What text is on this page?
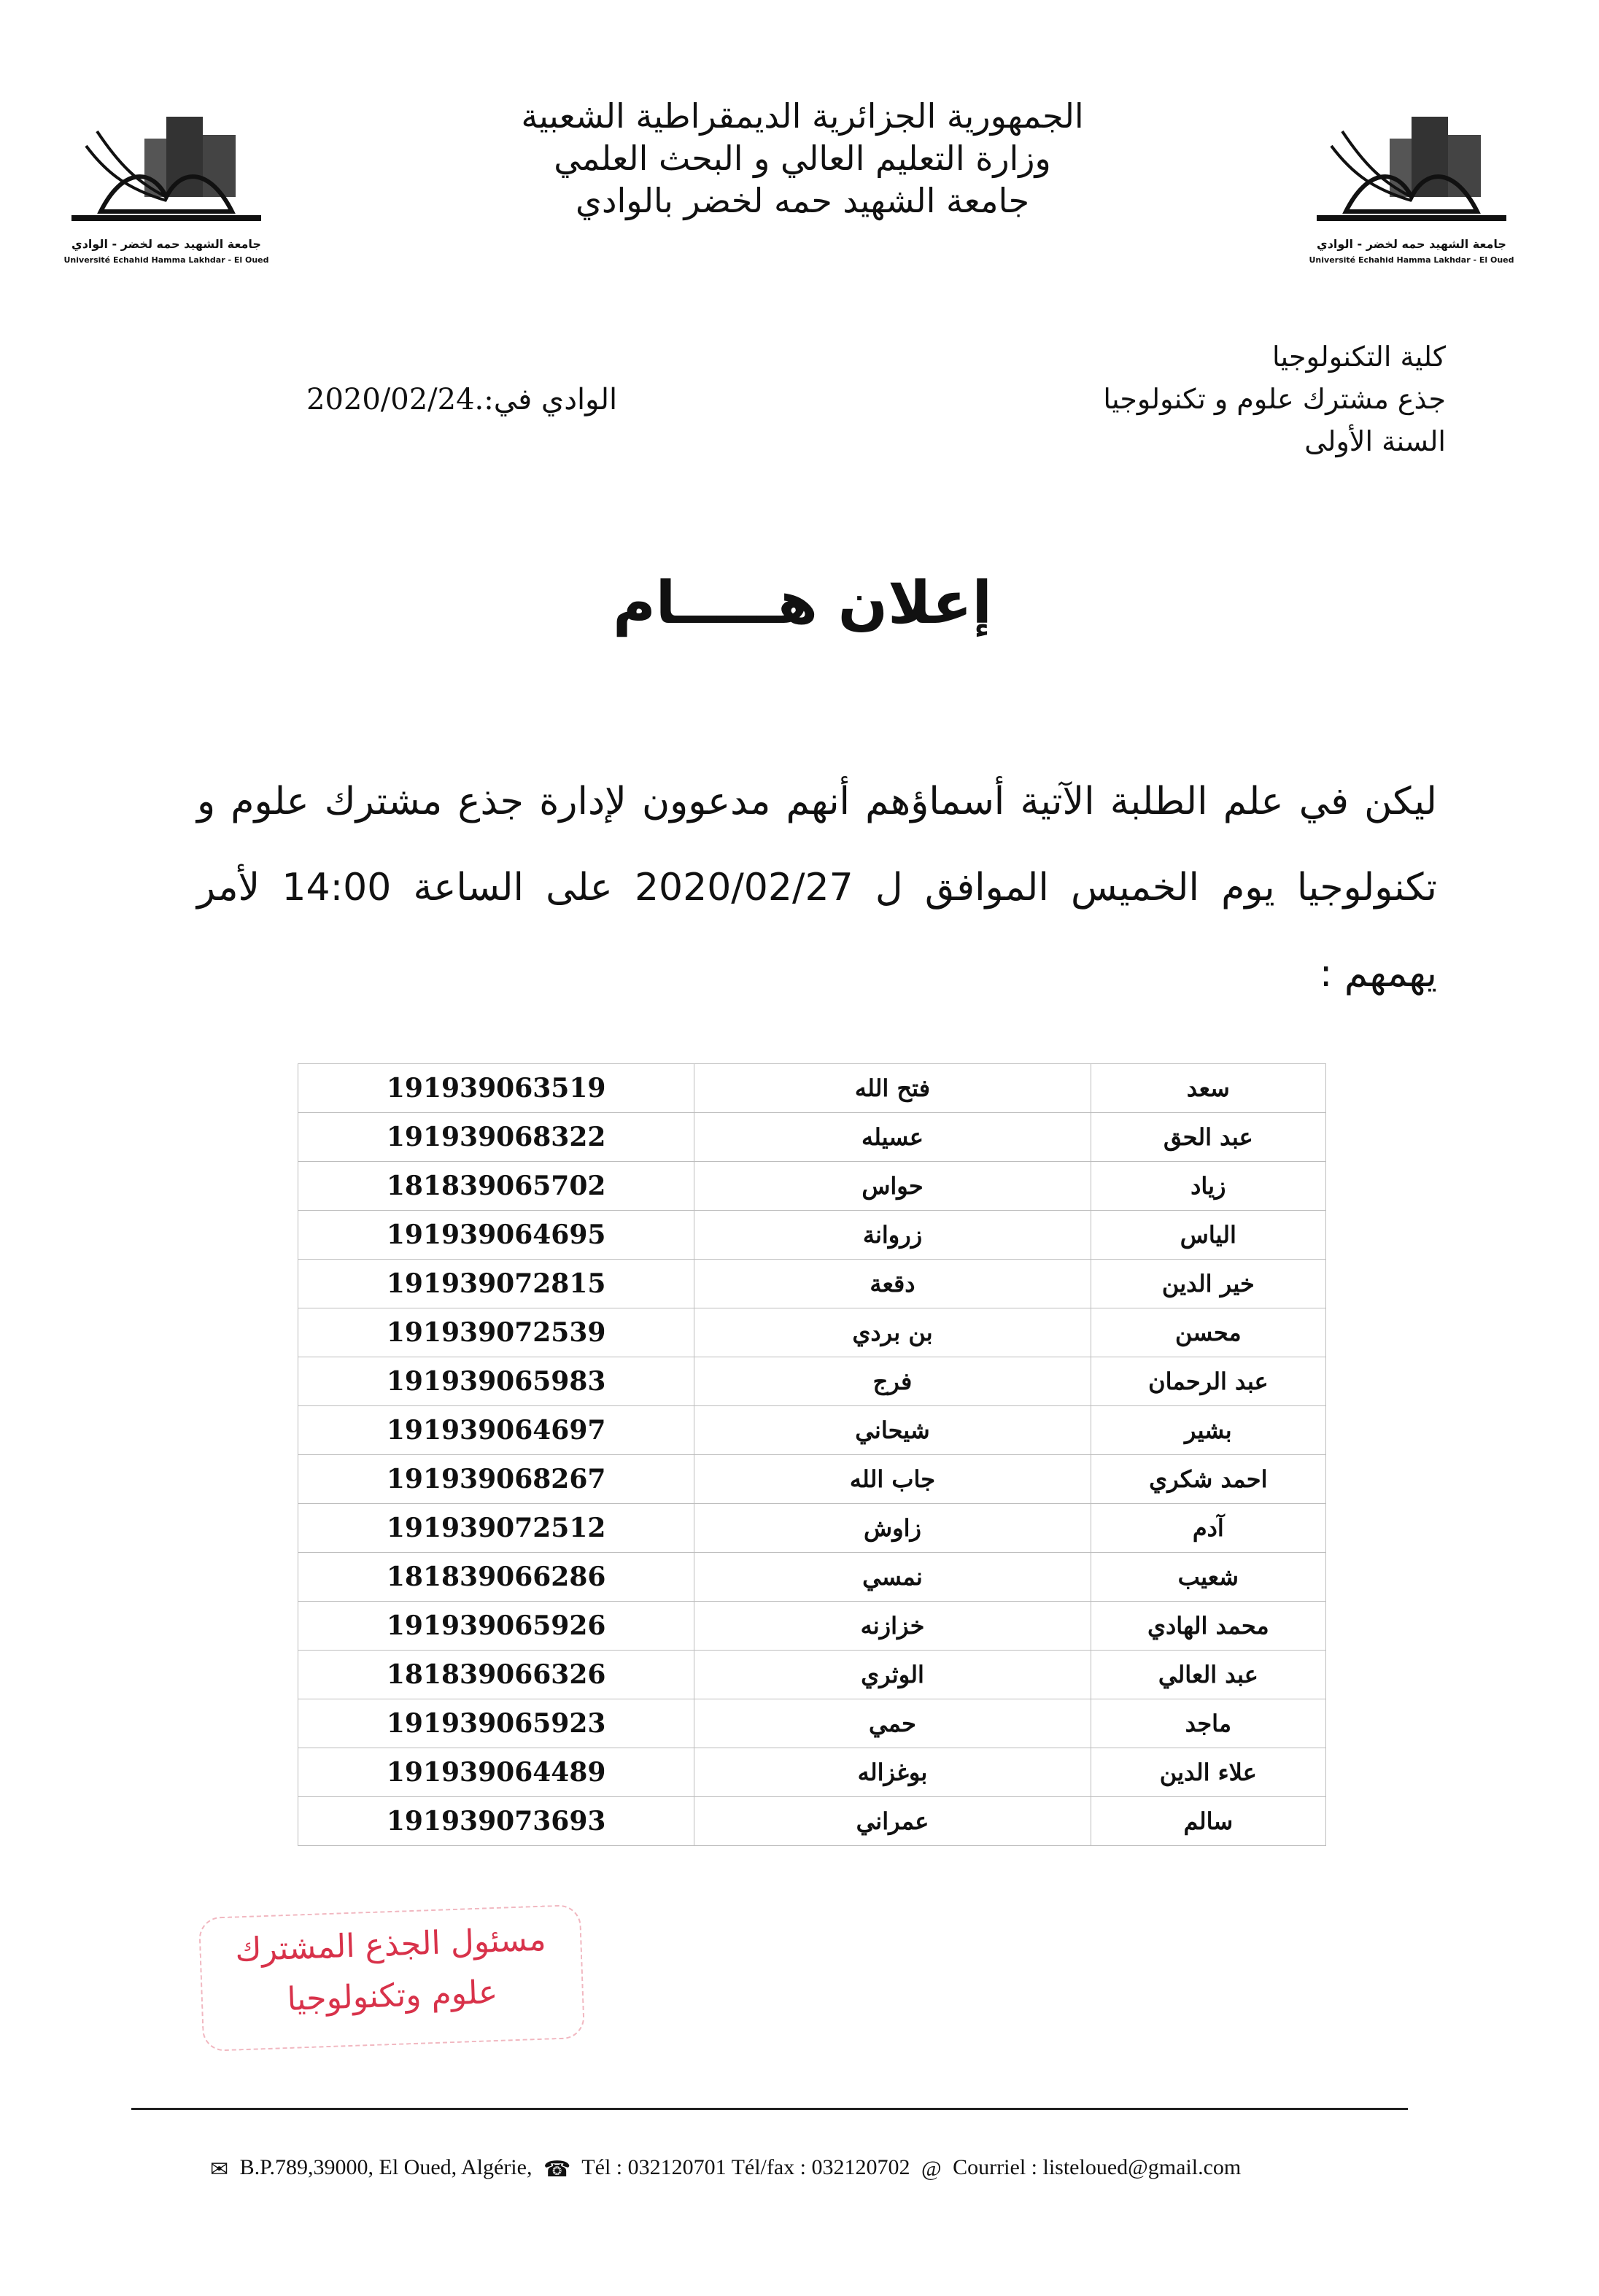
جامعة الشهيد حمه لخضر - الوادي
Université Echahid Hamma Lakhdar - El Oued
جامعة الشهيد حمه لخضر - الوادي
Université Echahid Hamma Lakhdar - El Oued
الجمهورية الجزائرية الديمقراطية الشعبية
وزارة التعليم العالي و البحث العلمي
جامعة الشهيد حمه لخضر بالوادي
كلية التكنولوجيا
جذع مشترك علوم و تكنولوجيا
السنة الأولى
الوادي في:.2020/02/24
إعلان هـــــام
ليكن في علم الطلبة الآتية أسماؤهم أنهم مدعوون لإدارة جذع مشترك علوم و تكنولوجيا يوم الخميس الموافق ل 2020/02/27 على الساعة 14:00 لأمر يهمهم :
سعد	فتح الله	191939063519
عبد الحق	عسيله	191939068322
زياد	حواس	181839065702
الياس	زروانة	191939064695
خير الدين	دقعة	191939072815
محسن	بن بردي	191939072539
عبد الرحمان	فرج	191939065983
بشير	شيحاني	191939064697
احمد شكري	جاب الله	191939068267
آدم	زاوش	191939072512
شعيب	نمسي	181839066286
محمد الهادي	خزازنه	191939065926
عبد العالي	الوثري	181839066326
ماجد	حمي	191939065923
علاء الدين	بوغزاله	191939064489
سالم	عمراني	191939073693
مسئول الجذع المشترك
علوم وتكنولوجيا
✉ B.P.789,39000, El Oued, Algérie, ☎ Tél : 032120701 Tél/fax : 032120702 @ Courriel : listeloued@gmail.com
